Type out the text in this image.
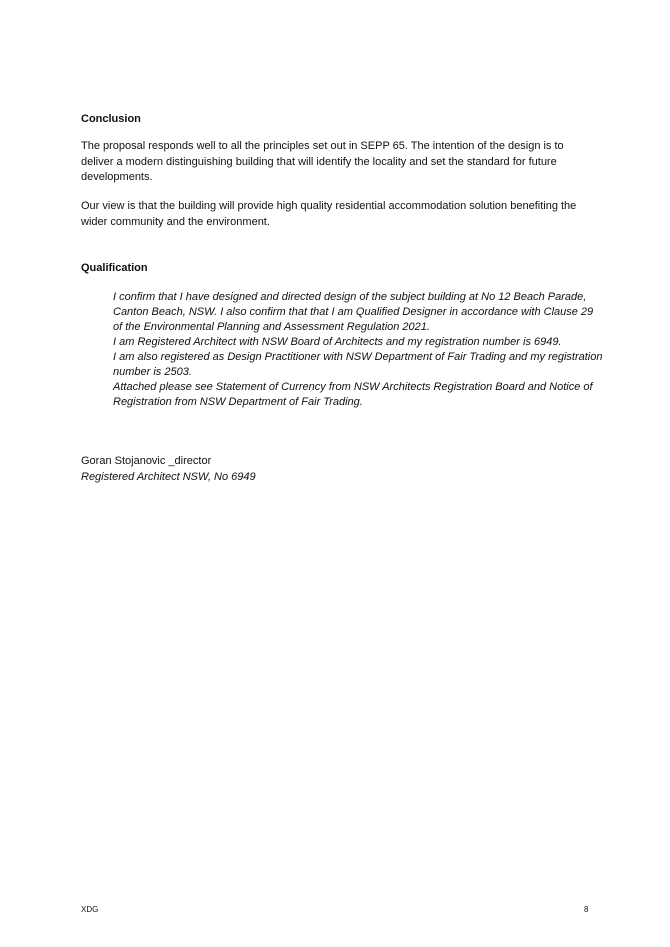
Conclusion

The proposal responds well to all the principles set out in SEPP 65. The intention of the design is to deliver a modern distinguishing building that will identify the locality and set the standard for future developments.

Our view is that the building will provide high quality residential accommodation solution benefiting the wider community and the environment.

Qualification
I confirm that I have designed and directed design of the subject building at No 12 Beach Parade, Canton Beach, NSW. I also confirm that that I am Qualified Designer in accordance with Clause 29 of the Environmental Planning and Assessment Regulation 2021.
I am Registered Architect with NSW Board of Architects and my registration number is 6949.
I am also registered as Design Practitioner with NSW Department of Fair Trading and my registration number is 2503.
Attached please see Statement of Currency from NSW Architects Registration Board and Notice of Registration from NSW Department of Fair Trading.
Goran Stojanovic _director
Registered Architect NSW, No 6949
XDG	8
